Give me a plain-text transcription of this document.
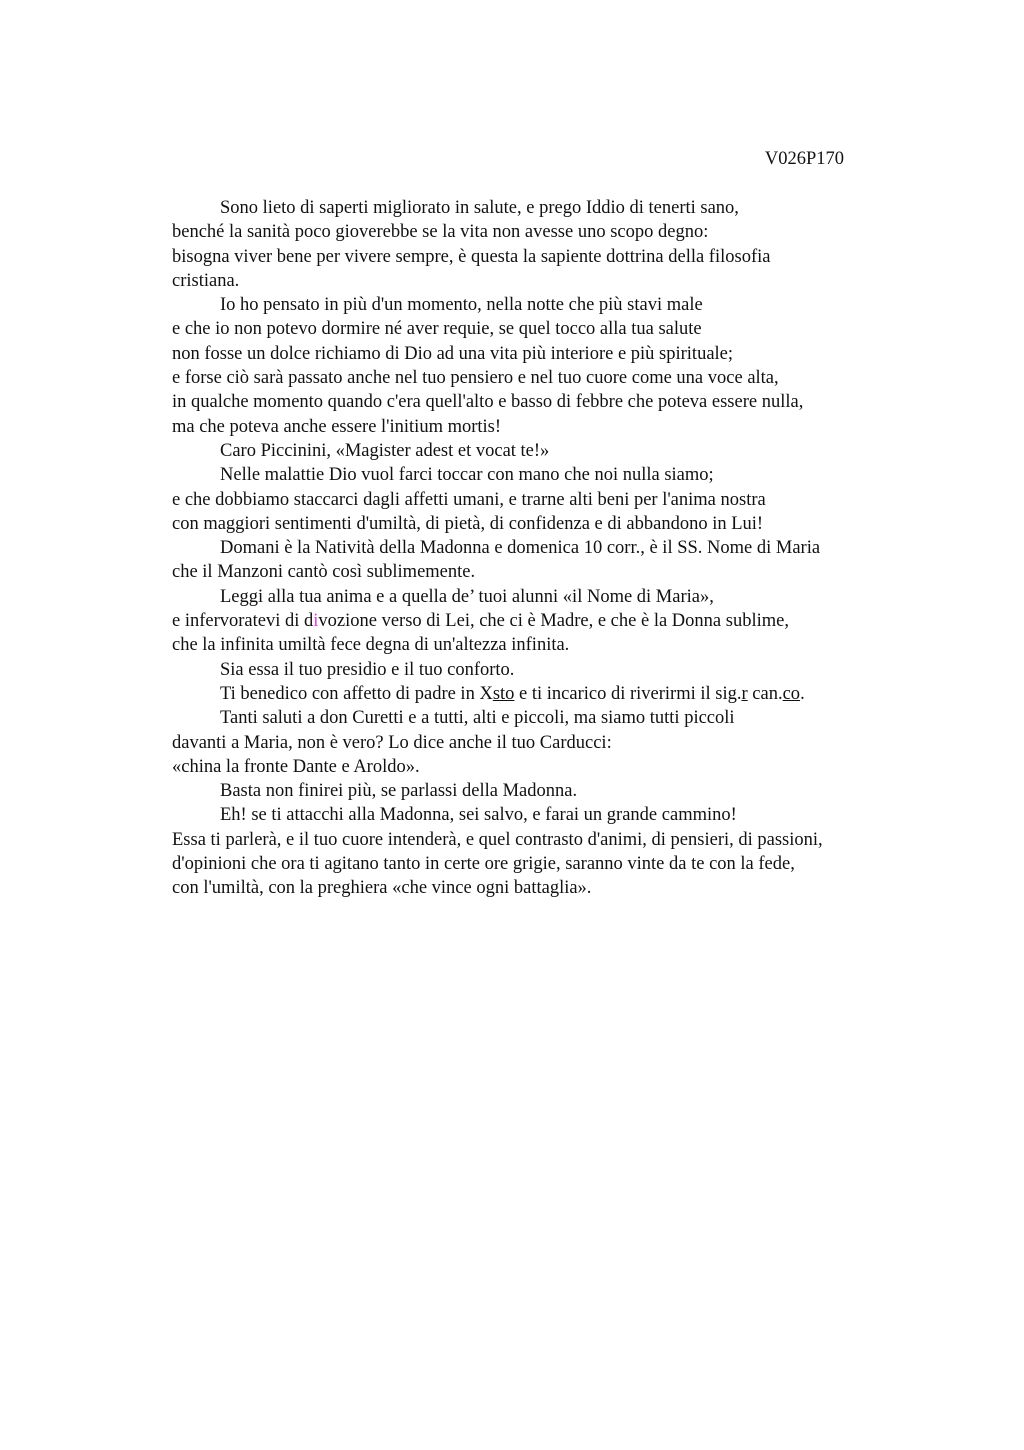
V026P170
Sono lieto di saperti migliorato in salute, e prego Iddio di tenerti sano,
benché la sanità poco gioverebbe se la vita non avesse uno scopo degno:
bisogna viver bene per vivere sempre, è questa la sapiente dottrina della filosofia
cristiana.
Io ho pensato in più d'un momento, nella notte che più stavi male
e che io non potevo dormire né aver requie, se quel tocco alla tua salute
non fosse un dolce richiamo di Dio ad una vita più interiore e più spirituale;
e forse ciò sarà passato anche nel tuo pensiero e nel tuo cuore come una voce alta,
in qualche momento quando c'era quell'alto e basso di febbre che poteva essere nulla,
ma che poteva anche essere l'initium mortis!
Caro Piccinini, «Magister adest et vocat te!»
Nelle malattie Dio vuol farci toccar con mano che noi nulla siamo;
e che dobbiamo staccarci dagli affetti umani, e trarne alti beni per l'anima nostra
con maggiori sentimenti d'umiltà, di pietà, di confidenza e di abbandono in Lui!
Domani è la Natività della Madonna e domenica 10 corr., è il SS. Nome di Maria
che il Manzoni cantò così sublimemente.
Leggi alla tua anima e a quella de’ tuoi alunni «il Nome di Maria»,
e infervoratevi di divozione verso di Lei, che ci è Madre, e che è la Donna sublime,
che la infinita umiltà fece degna di un'altezza infinita.
Sia essa il tuo presidio e il tuo conforto.
Ti benedico con affetto di padre in Xsto e ti incarico di riverirmi il sig.r can.co.
Tanti saluti a don Curetti e a tutti, alti e piccoli, ma siamo tutti piccoli
davanti a Maria, non è vero? Lo dice anche il tuo Carducci:
«china la fronte Dante e Aroldo».
Basta non finirei più, se parlassi della Madonna.
Eh! se ti attacchi alla Madonna, sei salvo, e farai un grande cammino!
Essa ti parlerà, e il tuo cuore intenderà, e quel contrasto d'animi, di pensieri, di passioni,
d'opinioni che ora ti agitano tanto in certe ore grigie, saranno vinte da te con la fede,
con l'umiltà, con la preghiera «che vince ogni battaglia».
